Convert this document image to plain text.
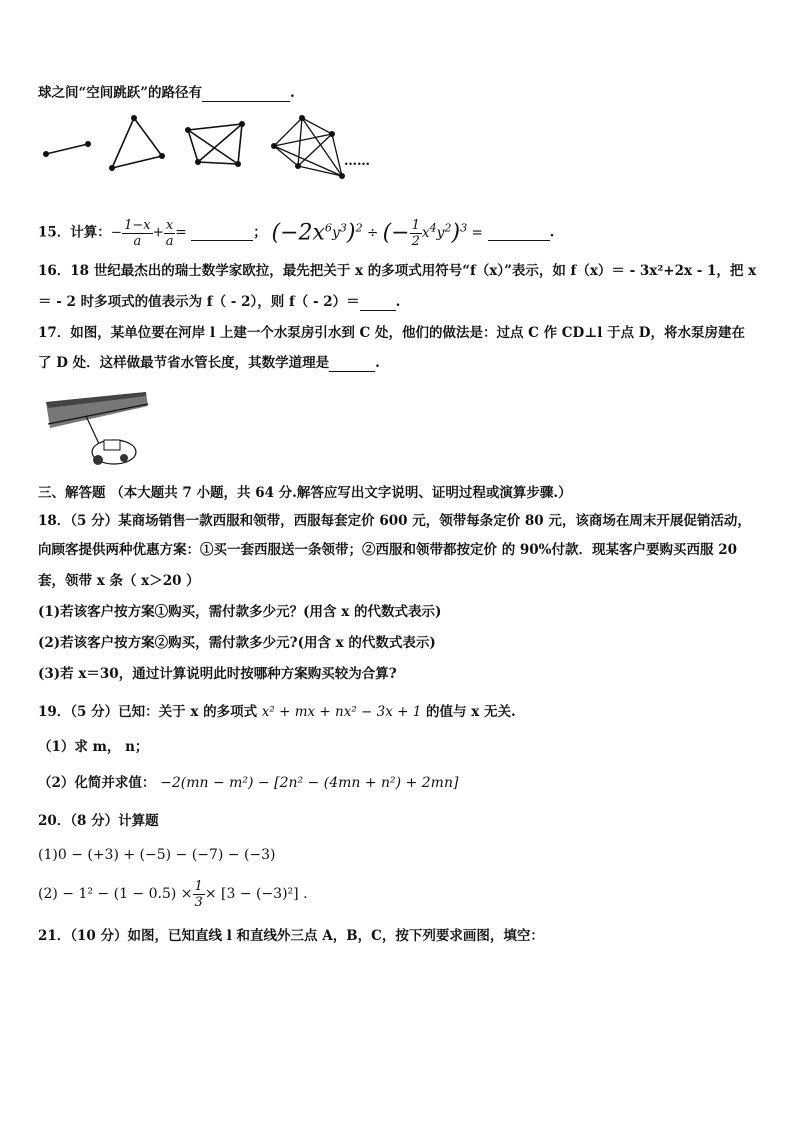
球之间“空间跳跃”的路径有	.
……
15．计算：− $\frac{1-x}{a} + \frac{x}{a}$ =	； $(-2x^6y^3)^2$ ÷ (− $\frac{1}{2} x^4y^2)^3$ =	.
16．18 世纪最杰出的瑞士数学家欧拉，最先把关于 x 的多项式用符号“f（x）”表示，如 f（x）＝ - 3x²+2x - 1，把 x
＝ - 2 时多项式的值表示为 f（ - 2），则 f（ - 2）＝	.
17．如图，某单位要在河岸 l 上建一个水泵房引水到 C 处，他们的做法是：过点 C 作 CD⊥l 于点 D，将水泵房建在
了 D 处．这样做最节省水管长度，其数学道理是	.
三、解答题 （本大题共 7 小题，共 64 分.解答应写出文字说明、证明过程或演算步骤.）
18．（5 分）某商场销售一款西服和领带，西服每套定价 600 元，领带每条定价 80 元，该商场在周末开展促销活动，
向顾客提供两种优惠方案：①买一套西服送一条领带；②西服和领带都按定价 的 90%付款．现某客户要购买西服 20
套，领带 x 条（ x＞20 ）
(1)若该客户按方案①购买，需付款多少元？(用含 x 的代数式表示)
(2)若该客户按方案②购买，需付款多少元?(用含 x 的代数式表示)
(3)若 x＝30，通过计算说明此时按哪种方案购买较为合算?
19．（5 分）已知：关于 x 的多项式 x² + mx + nx² − 3x + 1 的值与 x 无关.
（1）求 m， n；
（2）化简并求值： −2(mn − m²) − [2n² − (4mn + n²) + 2mn]
20．（8 分）计算题
(1)0 − (+3) + (−5) − (−7) − (−3)
$(2) - 1^2 - (1 - 0.5) \times \frac{1}{3} \times [3 - (-3)^2]$ .
21．（10 分）如图，已知直线 l 和直线外三点 A，B，C，按下列要求画图，填空：
